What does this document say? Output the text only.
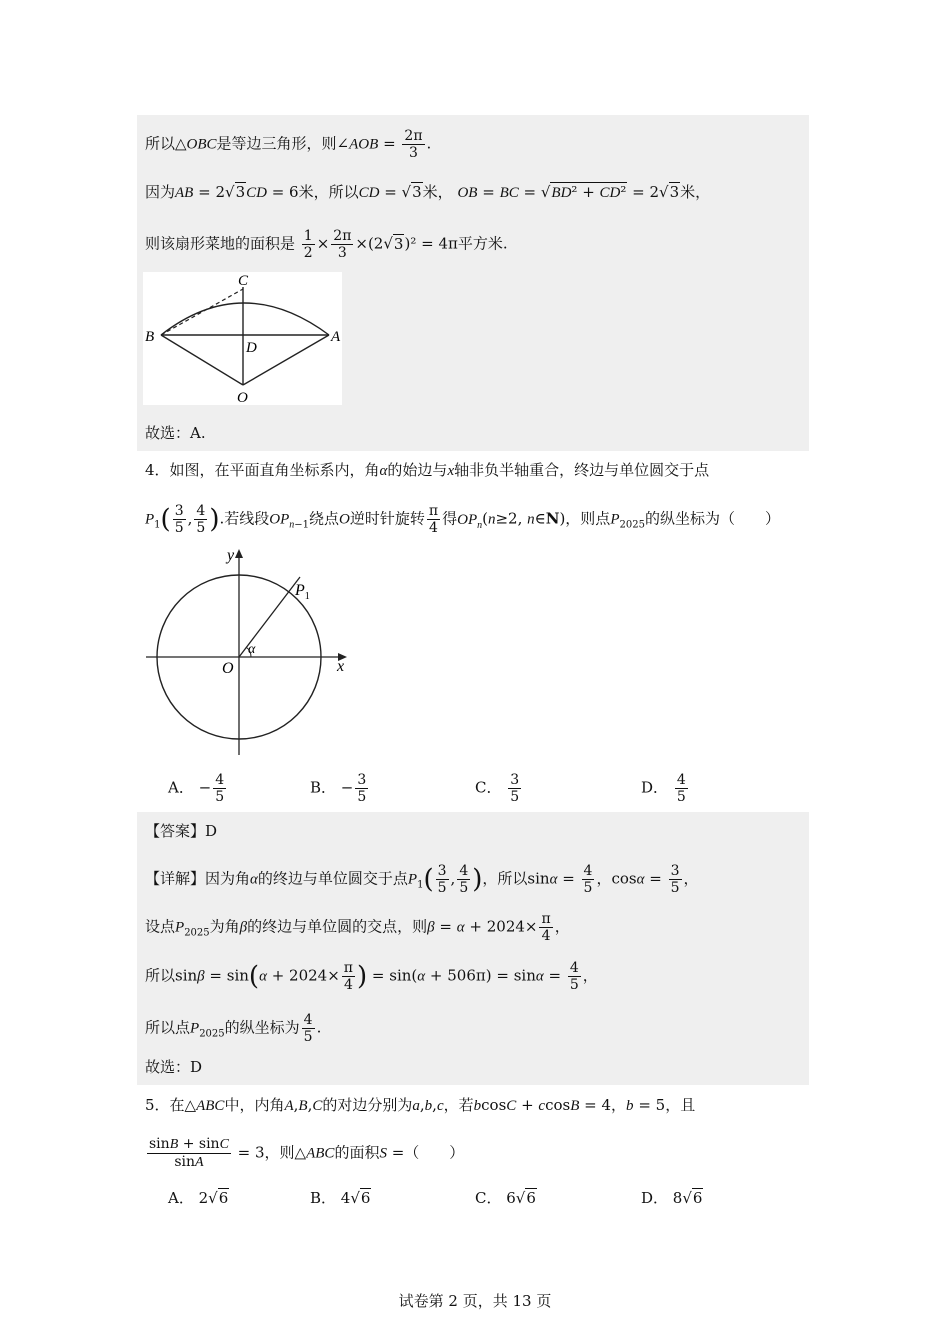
所以△OBC是等边三角形，则∠AOB = $\frac{2\pi}{3}$ .
因为AB = 2√3CD = 6米，所以CD = √3米， OB = BC = √BD² + CD² = 2√3米，
则该扇形菜地的面积是 $\frac{1}{2} \times \frac{2\pi}{3} \times(2√3)^2 = 4\pi$平方米.
C
B	A
D
O
故选：A.
4．如图，在平面直角坐标系内，角α的始边与x轴非负半轴重合，终边与单位圆交于点
$P_1( \frac{3}{5}$ , $\frac{4}{5}$ ).若线段$OP_{n-1}$绕点O逆时针旋转 $\frac{\pi}{4}$ 得$OP_n(n\ge 2$, n∈N)，则点$P_{2025}$的纵坐标为（　　）
y
x
O
α
$P_1$
A． − $\frac{4}{5}$	B． − $\frac{3}{5}$	C． $\frac{3}{5}$	D． $\frac{4}{5}$
【答案】D
【详解】因为角α的终边与单位圆交于点$P_1( \frac{3}{5}$ , $\frac{4}{5}$ )，所以$\sin\alpha = \frac{4}{5}$ ，$\cos\alpha = \frac{3}{5}$ ，
设点$P_{2025}$为角β的终边与单位圆的交点，则$\beta = \alpha + 2024\times \frac{\pi}{4}$ ，
所以$\sin\beta = \sin(\alpha + 2024\times \frac{\pi}{4}$ ) = $\sin(\alpha + 506\pi) = \sin\alpha = \frac{4}{5}$ ，
所以点$P_{2025}$的纵坐标为 $\frac{4}{5}$ .
故选：D
5．在△ABC中，内角A,B,C的对边分别为a,b,c，若bcosC + ccosB = 4，b = 5，且
$\frac{\sin B + \sin C}{\sin A} = 3$，则△ABC的面积S =（　　）
A． 2√6	B． 4√6	C． 6√6	D． 8√6
试卷第 2 页，共 13 页
